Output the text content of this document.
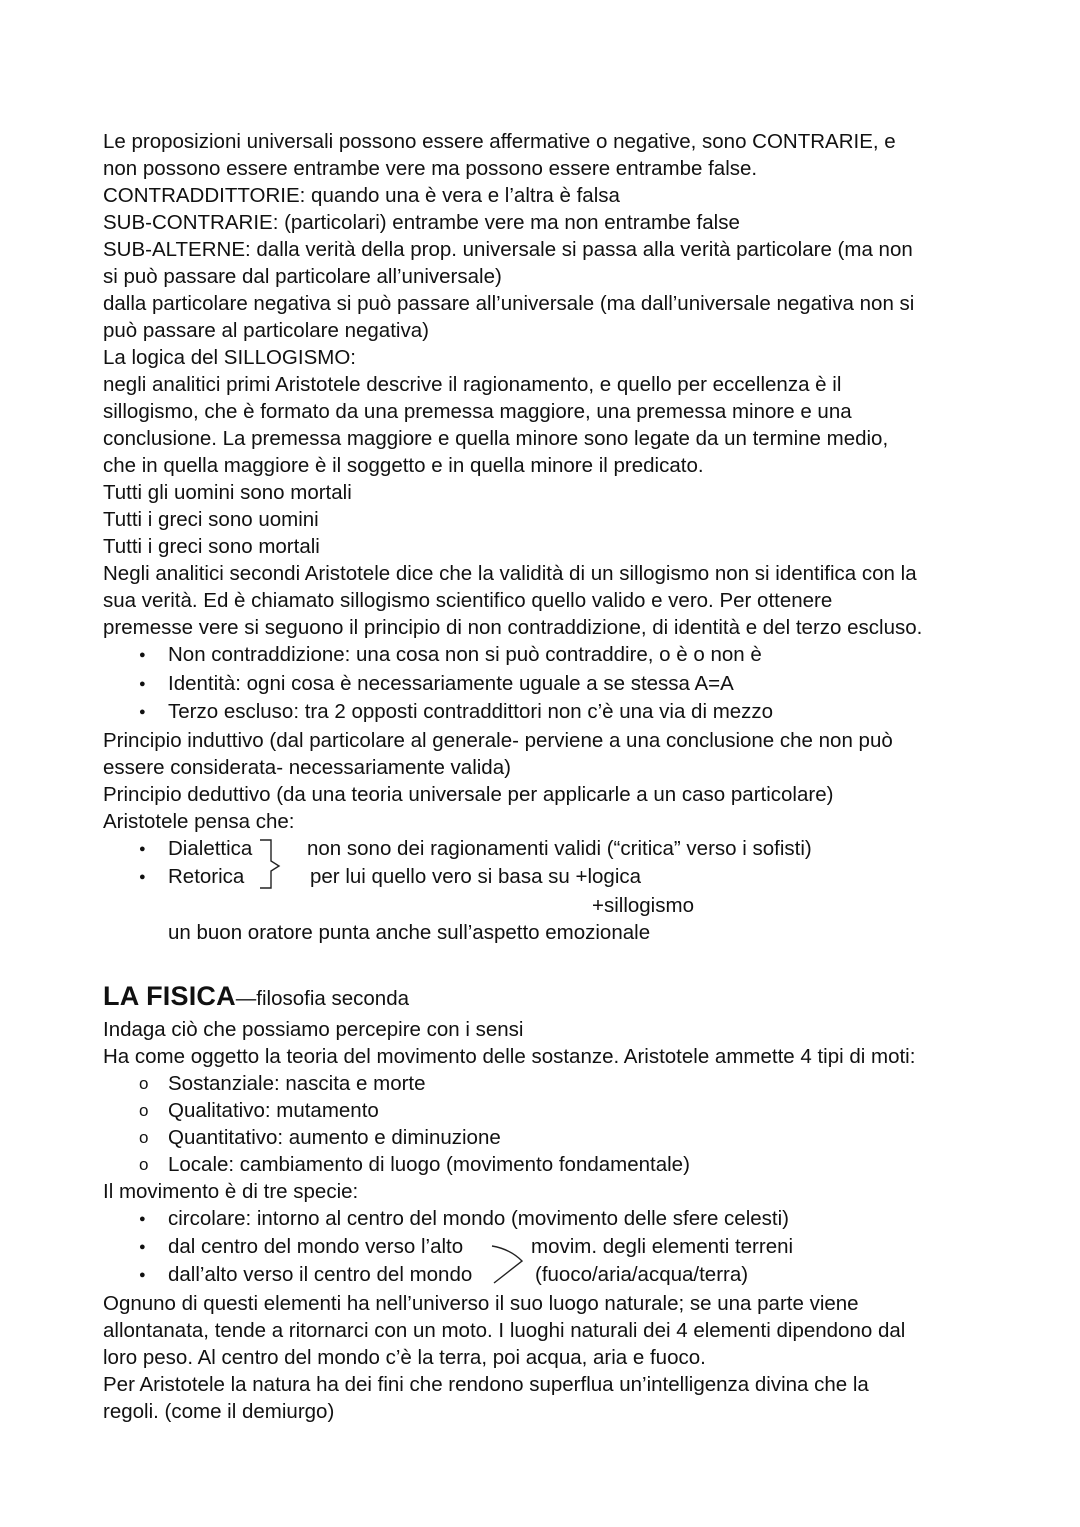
Le proposizioni universali possono essere affermative o negative, sono CONTRARIE, e
non possono essere entrambe vere ma possono essere entrambe false.
CONTRADDITTORIE: quando una è vera e l’altra è falsa
SUB-CONTRARIE: (particolari) entrambe vere ma non entrambe false
SUB-ALTERNE: dalla verità della prop. universale si passa alla verità particolare (ma non
si può passare dal particolare all’universale)
dalla particolare negativa si può passare all’universale (ma dall’universale negativa non si
può passare al particolare negativa)
La logica del SILLOGISMO:
negli analitici primi Aristotele descrive il ragionamento, e quello per eccellenza è il
sillogismo, che è formato da una premessa maggiore, una premessa minore e una
conclusione. La premessa maggiore e quella minore sono legate da un termine medio,
che in quella maggiore è il soggetto e in quella minore il predicato.
Tutti gli uomini sono mortali
Tutti i greci sono uomini
Tutti i greci sono mortali
Negli analitici secondi Aristotele dice che la validità di un sillogismo non si identifica con la
sua verità. Ed è chiamato sillogismo scientifico quello valido e vero. Per ottenere
premesse vere si seguono il principio di non contraddizione, di identità e del terzo escluso.
● Non contraddizione: una cosa non si può contraddire, o è o non è
● Identità: ogni cosa è necessariamente uguale a se stessa A=A
● Terzo escluso: tra 2 opposti contraddittori non c’è una via di mezzo
Principio induttivo (dal particolare al generale- perviene a una conclusione che non può
essere considerata- necessariamente valida)
Principio deduttivo (da una teoria universale per applicarle a un caso particolare)
Aristotele pensa che:
● Dialettica
● Retorica
non sono dei ragionamenti validi (“critica” verso i sofisti)
per lui quello vero si basa su +logica
+sillogismo
un buon oratore punta anche sull’aspetto emozionale
LA FISICA—filosofia seconda
Indaga ciò che possiamo percepire con i sensi
Ha come oggetto la teoria del movimento delle sostanze. Aristotele ammette 4 tipi di moti:
o Sostanziale: nascita e morte
o Qualitativo: mutamento
o Quantitativo: aumento e diminuzione
o Locale: cambiamento di luogo (movimento fondamentale)
Il movimento è di tre specie:
● circolare: intorno al centro del mondo (movimento delle sfere celesti)
● dal centro del mondo verso l’alto
● dall’alto verso il centro del mondo
movim. degli elementi terreni
(fuoco/aria/acqua/terra)
Ognuno di questi elementi ha nell’universo il suo luogo naturale; se una parte viene
allontanata, tende a ritornarci con un moto. I luoghi naturali dei 4 elementi dipendono dal
loro peso. Al centro del mondo c’è la terra, poi acqua, aria e fuoco.
Per Aristotele la natura ha dei fini che rendono superflua un’intelligenza divina che la
regoli. (come il demiurgo)
